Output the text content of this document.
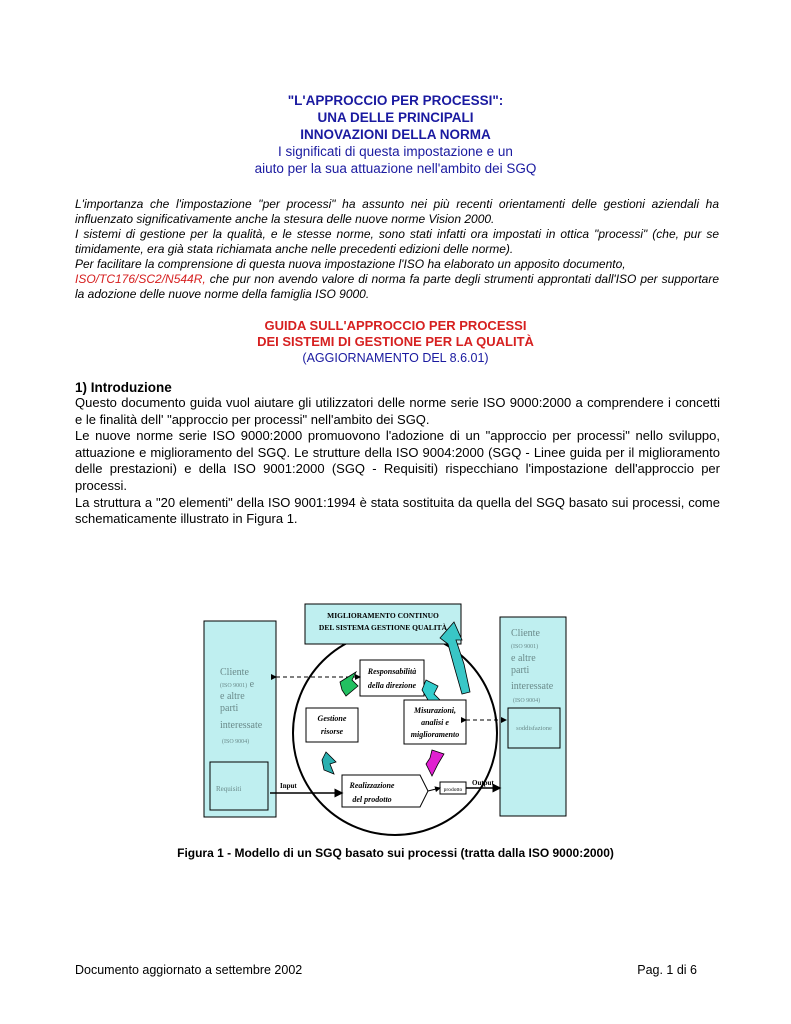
"L'APPROCCIO PER PROCESSI":
UNA DELLE PRINCIPALI
INNOVAZIONI DELLA NORMA
I significati di questa impostazione e un
aiuto per la sua attuazione nell'ambito dei SGQ

L'importanza che l'impostazione "per processi" ha assunto nei più recenti orientamenti delle gestioni aziendali ha influenzato significativamente anche la stesura delle nuove norme Vision 2000.

I sistemi di gestione per la qualità, e le stesse norme, sono stati infatti ora impostati in ottica "processi" (che, pur se timidamente, era già stata richiamata anche nelle precedenti edizioni delle norme).

Per facilitare la comprensione di questa nuova impostazione l'ISO ha elaborato un apposito documento,
ISO/TC176/SC2/N544R, che pur non avendo valore di norma fa parte degli strumenti approntati dall'ISO per supportare la adozione delle nuove norme della famiglia ISO 9000.

GUIDA SULL'APPROCCIO PER PROCESSI
DEI SISTEMI DI GESTIONE PER LA QUALITÀ
(AGGIORNAMENTO DEL 8.6.01)
1) Introduzione

Questo documento guida vuol aiutare gli utilizzatori delle norme serie ISO 9000:2000 a comprendere i concetti e le finalità dell' "approccio per processi" nell'ambito dei SGQ.

Le nuove norme serie ISO 9000:2000 promuovono l'adozione di un "approccio per processi" nello sviluppo, attuazione e miglioramento del SGQ. Le strutture della ISO 9004:2000 (SGQ - Linee guida per il miglioramento delle prestazioni) e della ISO 9001:2000 (SGQ - Requisiti) rispecchiano l'impostazione dell'approccio per processi.

La struttura a "20 elementi" della ISO 9001:1994 è stata sostituita da quella del SGQ basato sui processi, come schematicamente illustrato in Figura 1.

MIGLIORAMENTO CONTINUO
DEL SISTEMA GESTIONE QUALITÀ
Cliente
(ISO 9001) e
e altre
parti
interessate
(ISO 9004)
Requisiti
Cliente
(ISO 9001)
e altre
parti
interessate
(ISO 9004)
soddisfazione
Responsabilità
della direzione
Gestione
risorse
Misurazioni,
analisi e
miglioramento
Realizzazione
del prodotto
prodotto
Input	Output
Figura 1 - Modello di un SGQ basato sui processi (tratta dalla ISO 9000:2000)
Documento aggiornato a settembre 2002	Pag. 1 di 6
